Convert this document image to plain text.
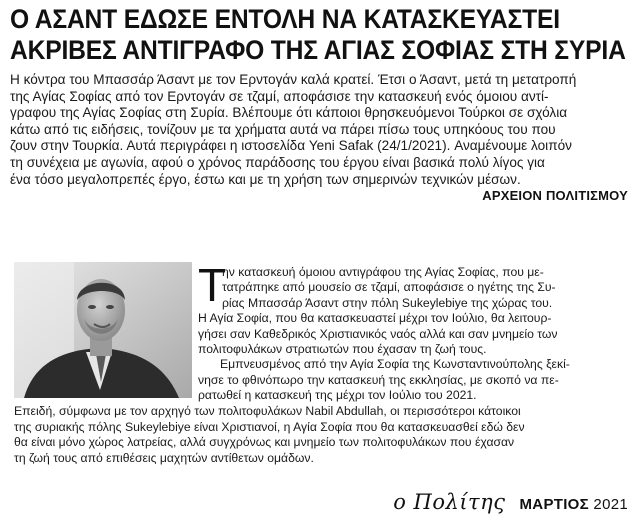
Ο ΑΣΑΝΤ ΕΔΩΣΕ ΕΝΤΟΛΗ ΝΑ ΚΑΤΑΣΚΕΥΑΣΤΕΙ
ΑΚΡΙΒΕΣ ΑΝΤΙΓΡΑΦΟ ΤΗΣ ΑΓΙΑΣ ΣΟΦΙΑΣ ΣΤΗ ΣΥΡΙΑ
Η κόντρα του Μπασσάρ Άσαντ με τον Ερντογάν καλά κρατεί. Έτσι ο Άσαντ, μετά τη μετατροπή
της Αγίας Σοφίας από τον Ερντογάν σε τζαμί, αποφάσισε την κατασκευή ενός όμοιου αντί-
γραφου της Αγίας Σοφίας στη Συρία. Βλέπουμε ότι κάποιοι θρησκευόμενοι Τούρκοι σε σχόλια
κάτω από τις ειδήσεις, τονίζουν με τα χρήματα αυτά να πάρει πίσω τους υπηκόους του που
ζουν στην Τουρκία. Αυτά περιγράφει η ιστοσελίδα Yeni Safak (24/1/2021). Αναμένουμε λοιπόν
τη συνέχεια με αγωνία, αφού ο χρόνος παράδοσης του έργου είναι βασικά πολύ λίγος για
ένα τόσο μεγαλοπρεπές έργο, έστω και με τη χρήση των σημερινών τεχνικών μέσων.
ΑΡΧΕΙΟΝ ΠΟΛΙΤΙΣΜΟΥ
Τ
ην κατασκευή όμοιου αντιγράφου της Αγίας Σοφίας, που με-
τατράπηκε από μουσείο σε τζαμί, αποφάσισε ο ηγέτης της Συ-
ρίας Μπασσάρ Άσαντ στην πόλη Sukeylebiye της χώρας του.
Η Αγία Σοφία, που θα κατασκευαστεί μέχρι τον Ιούλιο, θα λειτουρ-
γήσει σαν Καθεδρικός Χριστιανικός ναός αλλά και σαν μνημείο των
πολιτοφυλάκων στρατιωτών που έχασαν τη ζωή τους.
Εμπνευσμένος από την Αγία Σοφία της Κωνσταντινούπολης ξεκί-
νησε το φθινόπωρο την κατασκευή της εκκλησίας, με σκοπό να πε-
ρατωθεί η κατασκευή της μέχρι τον Ιούλιο του 2021.
Επειδή, σύμφωνα με τον αρχηγό των πολιτοφυλάκων Nabil Abdullah, οι περισσότεροι κάτοικοι
της συριακής πόλης Sukeylebiye είναι Χριστιανοί, η Αγία Σοφία που θα κατασκευασθεί εδώ δεν
θα είναι μόνο χώρος λατρείας, αλλά συγχρόνως και μνημείο των πολιτοφυλάκων που έχασαν
τη ζωή τους από επιθέσεις μαχητών αντίθετων ομάδων.
ο Πολίτης ΜΑΡΤΙΟΣ 2021
